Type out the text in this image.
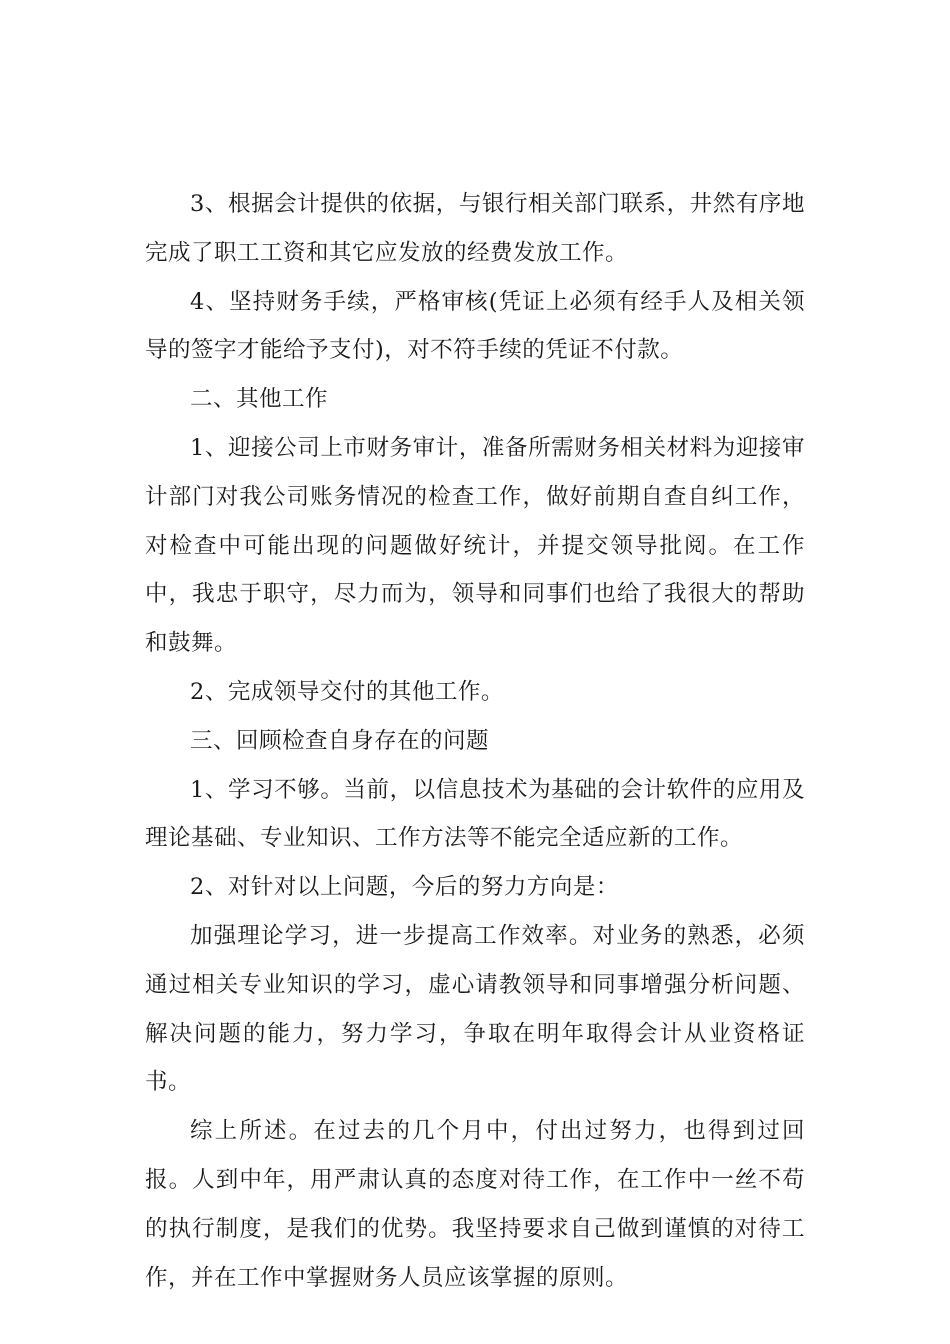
3、根据会计提供的依据，与银行相关部门联系，井然有序地完成了职工工资和其它应发放的经费发放工作。

4、坚持财务手续，严格审核(凭证上必须有经手人及相关领导的签字才能给予支付)，对不符手续的凭证不付款。

二、其他工作

1、迎接公司上市财务审计，准备所需财务相关材料为迎接审计部门对我公司账务情况的检查工作，做好前期自查自纠工作，对检查中可能出现的问题做好统计，并提交领导批阅。在工作中，我忠于职守，尽力而为，领导和同事们也给了我很大的帮助和鼓舞。

2、完成领导交付的其他工作。

三、回顾检查自身存在的问题

1、学习不够。当前，以信息技术为基础的会计软件的应用及理论基础、专业知识、工作方法等不能完全适应新的工作。

2、对针对以上问题，今后的努力方向是：

加强理论学习，进一步提高工作效率。对业务的熟悉，必须通过相关专业知识的学习，虚心请教领导和同事增强分析问题、解决问题的能力，努力学习，争取在明年取得会计从业资格证书。

综上所述。在过去的几个月中，付出过努力，也得到过回报。人到中年，用严肃认真的态度对待工作，在工作中一丝不苟的执行制度，是我们的优势。我坚持要求自己做到谨慎的对待工作，并在工作中掌握财务人员应该掌握的原则。
